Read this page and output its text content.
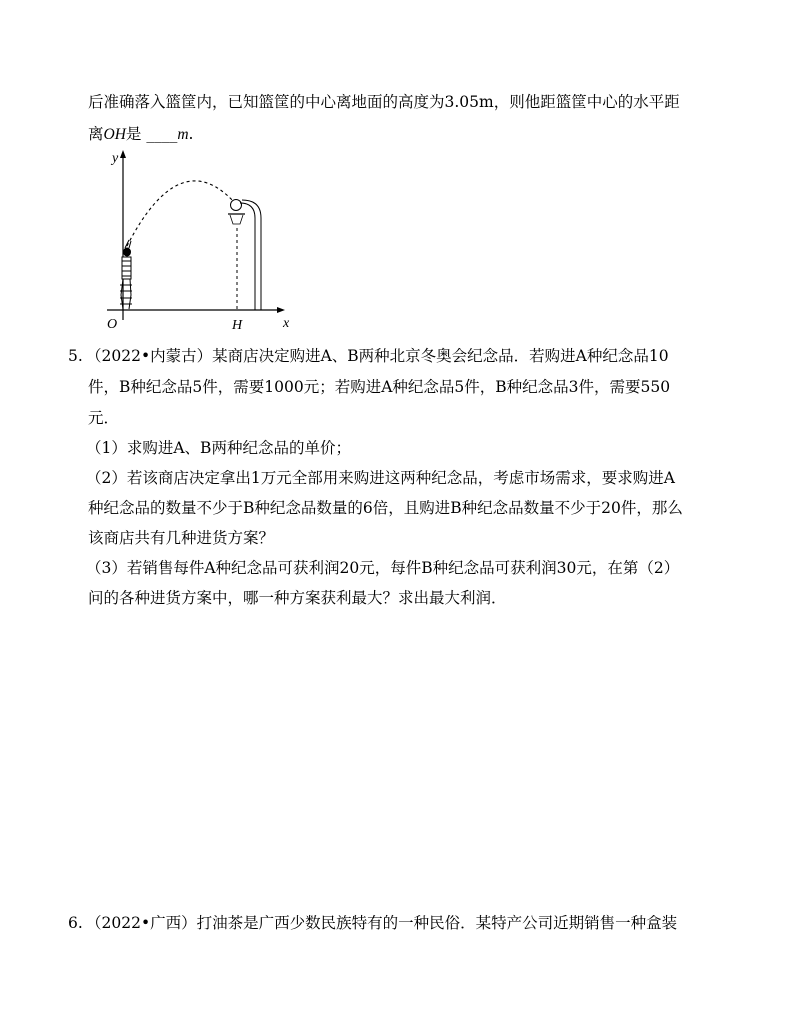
后准确落入篮筐内，已知篮筐的中心离地面的高度为3.05m，则他距篮筐中心的水平距
离OH是 ____m.
y
x
O	H
5. （2022•内蒙古）某商店决定购进A、B两种北京冬奥会纪念品．若购进A种纪念品10
件，B种纪念品5件，需要1000元；若购进A种纪念品5件，B种纪念品3件，需要550
元．
（1）求购进A、B两种纪念品的单价；
（2）若该商店决定拿出1万元全部用来购进这两种纪念品，考虑市场需求，要求购进A
种纪念品的数量不少于B种纪念品数量的6倍，且购进B种纪念品数量不少于20件，那么
该商店共有几种进货方案？
（3）若销售每件A种纪念品可获利润20元，每件B种纪念品可获利润30元，在第（2）
问的各种进货方案中，哪一种方案获利最大？求出最大利润．
6. （2022•广西）打油茶是广西少数民族特有的一种民俗．某特产公司近期销售一种盒装
